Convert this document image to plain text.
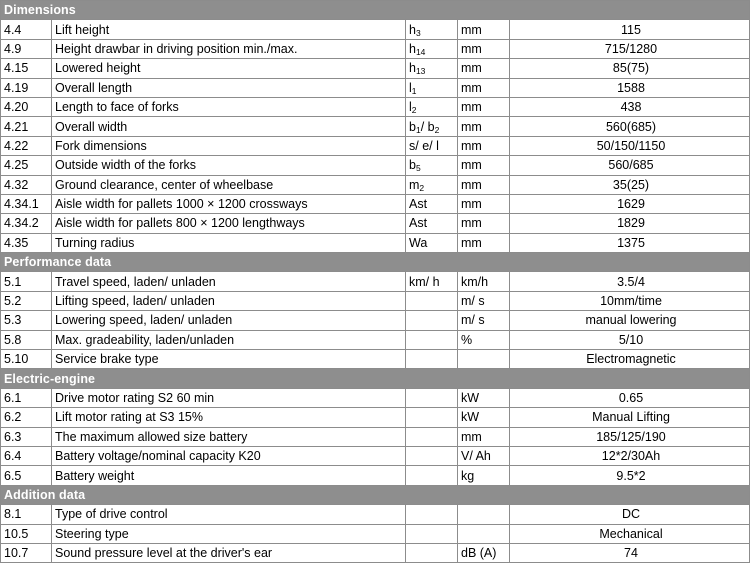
Dimensions				
4.4	Lift height	$h_3$	mm	115
4.9	Height drawbar in driving position min./max.	$h_{14}$	mm	715/1280
4.15	Lowered height	$h_{13}$	mm	85(75)
4.19	Overall length	$l_1$	mm	1588
4.20	Length to face of forks	$l_2$	mm	438
4.21	Overall width	$b_1/$ $b_2$	mm	560(685)
4.22	Fork dimensions	s/ e/ l	mm	50/150/1150
4.25	Outside width of the forks	$b_5$	mm	560/685
4.32	Ground clearance, center of wheelbase	$m_2$	mm	35(25)
4.34.1	Aisle width for pallets 1000 × 1200 crossways	Ast	mm	1629
4.34.2	Aisle width for pallets 800 × 1200 lengthways	Ast	mm	1829
4.35	Turning radius	Wa	mm	1375
Performance data				
5.1	Travel speed, laden/ unladen	km/ h	km/h	3.5/4
5.2	Lifting speed, laden/ unladen		m/ s	10mm/time
5.3	Lowering speed, laden/ unladen		m/ s	manual lowering
5.8	Max. gradeability, laden/unladen		%	5/10
5.10	Service brake type			Electromagnetic
Electric-engine				
6.1	Drive motor rating S2 60 min		kW	0.65
6.2	Lift motor rating at S3 15%		kW	Manual Lifting
6.3	The maximum allowed size battery		mm	185/125/190
6.4	Battery voltage/nominal capacity K20		V/ Ah	12*2/30Ah
6.5	Battery weight		kg	9.5*2
Addition data				
8.1	Type of drive control			DC
10.5	Steering type			Mechanical
10.7	Sound pressure level at the driver's ear		dB (A)	74
